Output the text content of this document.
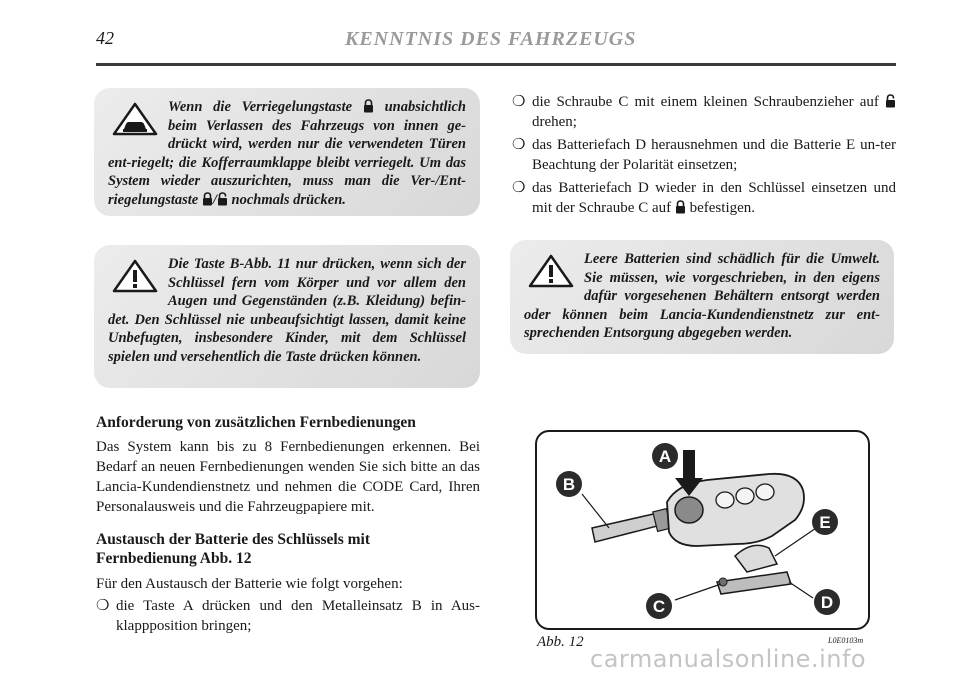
42	KENNTNIS DES FAHRZEUGS
Wenn die Verriegelungstaste  unabsichtlich beim Verlassen des Fahrzeugs von innen ge-drückt wird, werden nur die verwendeten Türen ent-riegelt; die Kofferraumklappe bleibt verriegelt. Um das System wieder auszurichten, muss man die Ver-/Ent-riegelungstaste / nochmals drücken.
Die Taste B-Abb. 11 nur drücken, wenn sich der Schlüssel fern vom Körper und vor allem den Augen und Gegenständen (z.B. Kleidung) befin-det. Den Schlüssel nie unbeaufsichtigt lassen, damit keine Unbefugten, insbesondere Kinder, mit dem Schlüssel spielen und versehentlich die Taste drücken können.
Leere Batterien sind schädlich für die Umwelt. Sie müssen, wie vorgeschrieben, in den eigens dafür vorgesehenen Behältern entsorgt werden oder können beim Lancia-Kundendienstnetz zur ent-sprechenden Entsorgung abgegeben werden.
Anforderung von zusätzlichen Fernbedienungen
Das System kann bis zu 8 Fernbedienungen erkennen. Bei Bedarf an neuen Fernbedienungen wenden Sie sich bitte an das Lancia-Kundendienstnetz und nehmen die CODE Card, Ihren Personalausweis und die Fahrzeugpapiere mit.
Austausch der Batterie des Schlüssels mit Fernbedienung Abb. 12
Für den Austausch der Batterie wie folgt vorgehen:
❍ die Taste A drücken und den Metalleinsatz B in Aus-klappposition bringen;
❍ die Schraube C mit einem kleinen Schraubenzieher auf  drehen;
❍ das Batteriefach D herausnehmen und die Batterie E un-ter Beachtung der Polarität einsetzen;
❍ das Batteriefach D wieder in den Schlüssel einsetzen und mit der Schraube C auf  befestigen.
A
B
E
C	D
Abb. 12	L0E0103m
carmanualsonline.info
